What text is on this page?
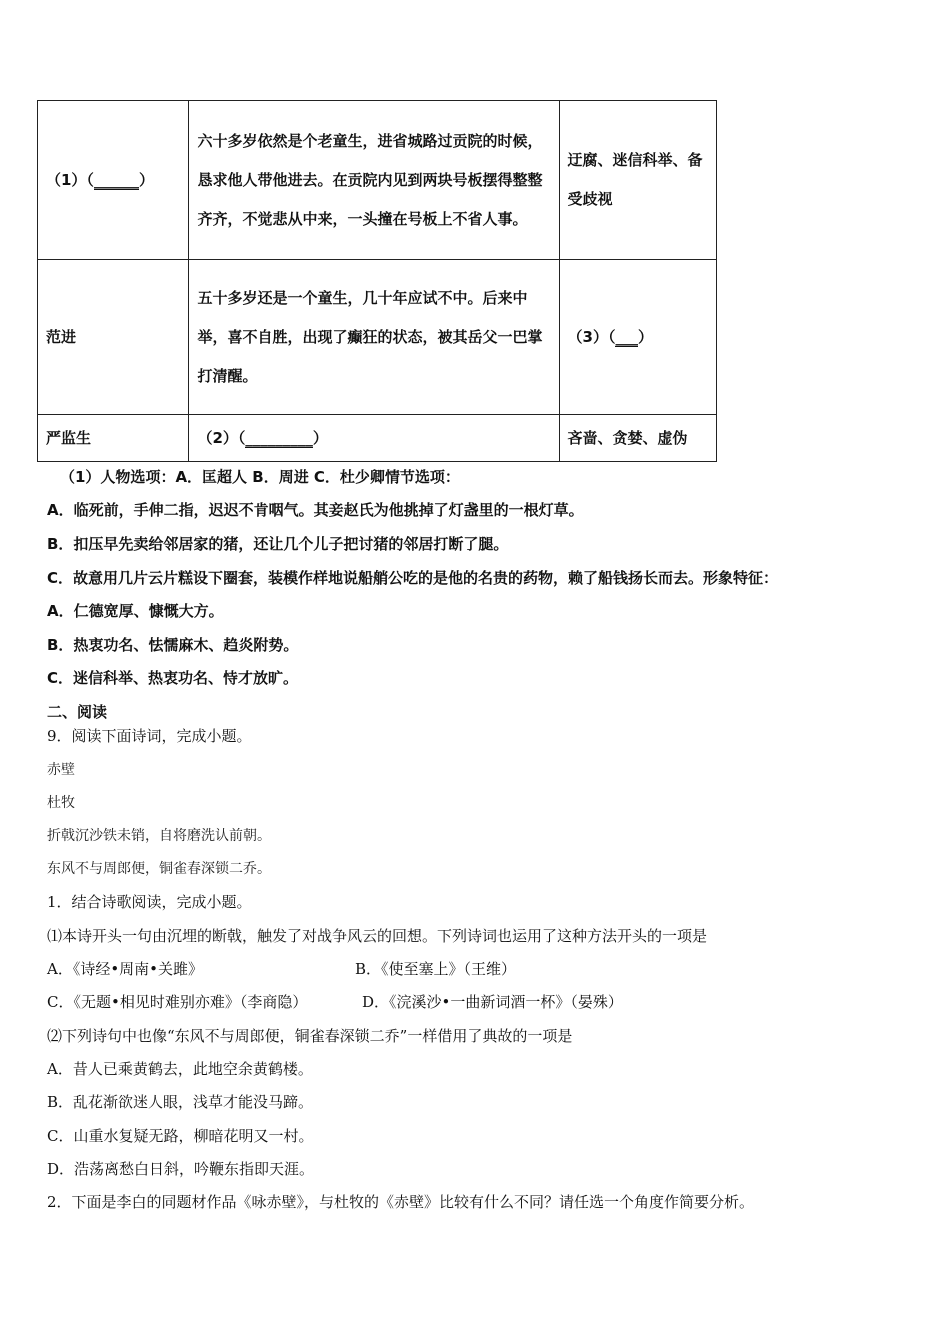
（1）（______）	六十多岁依然是个老童生，进省城路过贡院的时候，恳求他人带他进去。在贡院内见到两块号板摆得整整齐齐，不觉悲从中来，一头撞在号板上不省人事。	迂腐、迷信科举、备受歧视
范进	五十多岁还是一个童生，几十年应试不中。后来中举，喜不自胜，出现了癫狂的状态，被其岳父一巴掌打清醒。	（3）（___）
严监生	（2）（_________）	吝啬、贪婪、虚伪
（1）人物选项：A．匡超人 B．周进 C．杜少卿情节选项：
A．临死前，手伸二指，迟迟不肯咽气。其妾赵氏为他挑掉了灯盏里的一根灯草。
B．扣压早先卖给邻居家的猪，还让几个儿子把讨猪的邻居打断了腿。
C．故意用几片云片糕设下圈套，装模作样地说船艄公吃的是他的名贵的药物，赖了船钱扬长而去。形象特征：
A．仁德宽厚、慷慨大方。
B．热衷功名、怯懦麻木、趋炎附势。
C．迷信科举、热衷功名、恃才放旷。
二、阅读
9．阅读下面诗词，完成小题。
赤壁
杜牧
折戟沉沙铁未销，自将磨洗认前朝。
东风不与周郎便，铜雀春深锁二乔。
1．结合诗歌阅读，完成小题。
⑴本诗开头一句由沉埋的断戟，触发了对战争风云的回想。下列诗词也运用了这种方法开头的一项是
A．《诗经•周南•关雎》	B．《使至塞上》（王维）
C．《无题•相见时难别亦难》（李商隐）	D．《浣溪沙•一曲新词酒一杯》（晏殊）
⑵下列诗句中也像“东风不与周郎便，铜雀春深锁二乔”一样借用了典故的一项是
A．昔人已乘黄鹤去，此地空余黄鹤楼。
B．乱花渐欲迷人眼，浅草才能没马蹄。
C．山重水复疑无路，柳暗花明又一村。
D．浩荡离愁白日斜，吟鞭东指即天涯。
2．下面是李白的同题材作品《咏赤壁》，与杜牧的《赤壁》比较有什么不同？请任选一个角度作简要分析。
